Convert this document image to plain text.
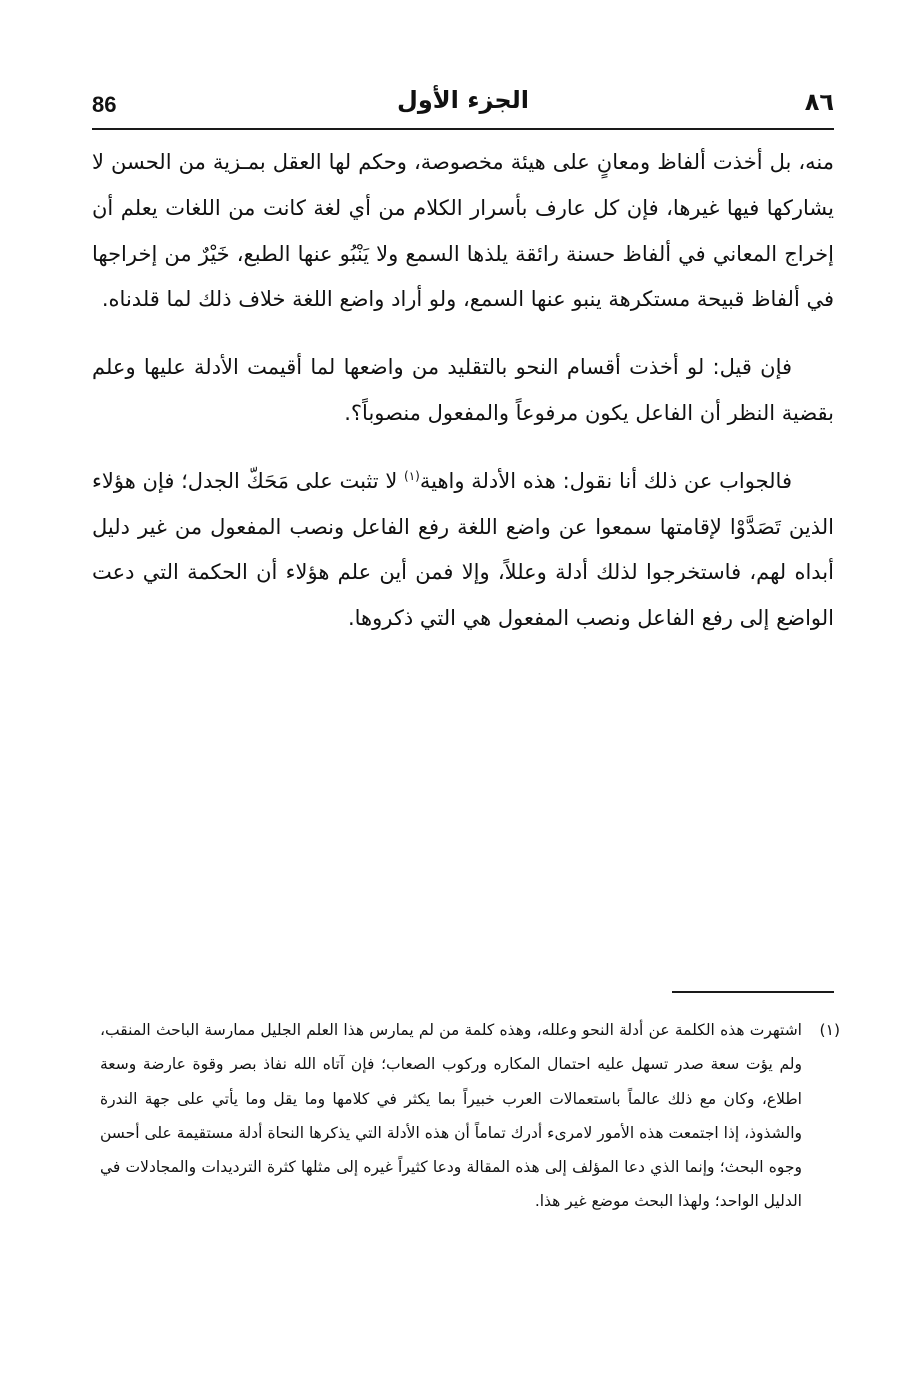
86	الجزء الأول	٨٦

منه، بل أخذت ألفاظ ومعانٍ على هيئة مخصوصة، وحكم لها العقل بمـزية من الحسن لا يشاركها فيها غيرها، فإن كل عارف بأسرار الكلام من أي لغة كانت من اللغات يعلم أن إخراج المعاني في ألفاظ حسنة رائقة يلذها السمع ولا يَنْبُو عنها الطبع، خَيْرٌ من إخراجها في ألفاظ قبيحة مستكرهة ينبو عنها السمع، ولو أراد واضع اللغة خلاف ذلك لما قلدناه.

فإن قيل: لو أخذت أقسام النحو بالتقليد من واضعها لما أقيمت الأدلة عليها وعلم بقضية النظر أن الفاعل يكون مرفوعاً والمفعول منصوباً؟.

فالجواب عن ذلك أنا نقول: هذه الأدلة واهية$^{(١)}$ لا تثبت على مَحَكّ الجدل؛ فإن هؤلاء الذين تَصَدَّوْا لإقامتها سمعوا عن واضع اللغة رفع الفاعل ونصب المفعول من غير دليل أبداه لهم، فاستخرجوا لذلك أدلة وعللاً، وإلا فمن أين علم هؤلاء أن الحكمة التي دعت الواضع إلى رفع الفاعل ونصب المفعول هي التي ذكروها.

(١)
اشتهرت هذه الكلمة عن أدلة النحو وعلله، وهذه كلمة من لم يمارس هذا العلم الجليل ممارسة الباحث المنقب، ولم يؤت سعة صدر تسهل عليه احتمال المكاره وركوب الصعاب؛ فإن آتاه الله نفاذ بصر وقوة عارضة وسعة اطلاع، وكان مع ذلك عالماً باستعمالات العرب خبيراً بما يكثر في كلامها وما يقل وما يأتي على جهة الندرة والشذوذ، إذا اجتمعت هذه الأمور لامرىء أدرك تماماً أن هذه الأدلة التي يذكرها النحاة أدلة مستقيمة على أحسن وجوه البحث؛ وإنما الذي دعا المؤلف إلى هذه المقالة ودعا كثيراً غيره إلى مثلها كثرة الترديدات والمجادلات في الدليل الواحد؛ ولهذا البحث موضع غير هذا.
